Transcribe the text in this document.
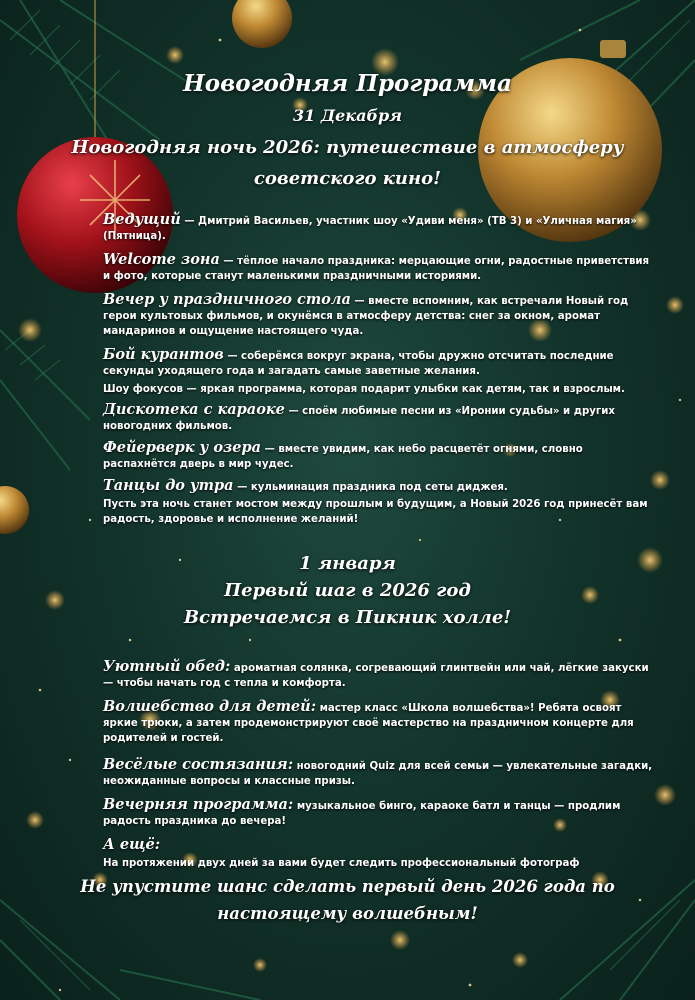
Новогодняя Программа
31 Декабря
Новогодняя ночь 2026: путешествие в атмосферу
советского кино!

Ведущий — Дмитрий Васильев, участник шоу «Удиви меня» (ТВ 3) и «Уличная магия» (Пятница).

Welcome зона — тёплое начало праздника: мерцающие огни, радостные приветствия и фото, которые станут маленькими праздничными историями.

Вечер у праздничного стола — вместе вспомним, как встречали Новый год герои культовых фильмов, и окунёмся в атмосферу детства: снег за окном, аромат мандаринов и ощущение настоящего чуда.

Бой курантов — соберёмся вокруг экрана, чтобы дружно отсчитать последние секунды уходящего года и загадать самые заветные желания.

Шоу фокусов — яркая программа, которая подарит улыбки как детям, так и взрослым.

Дискотека с караоке — споём любимые песни из «Иронии судьбы» и других новогодних фильмов.

Фейерверк у озера — вместе увидим, как небо расцветёт огнями, словно распахнётся дверь в мир чудес.

Танцы до утра — кульминация праздника под сеты диджея.

Пусть эта ночь станет мостом между прошлым и будущим, а Новый 2026 год принесёт вам радость, здоровье и исполнение желаний!

1 января
Первый шаг в 2026 год
Встречаемся в Пикник холле!

Уютный обед: ароматная солянка, согревающий глинтвейн или чай, лёгкие закуски — чтобы начать год с тепла и комфорта.

Волшебство для детей: мастер класс «Школа волшебства»! Ребята освоят яркие трюки, а затем продемонстрируют своё мастерство на праздничном концерте для родителей и гостей.

Весёлые состязания: новогодний Quiz для всей семьи — увлекательные загадки, неожиданные вопросы и классные призы.

Вечерняя программа: музыкальное бинго, караоке батл и танцы — продлим радость праздника до вечера!

А ещё:

На протяжении двух дней за вами будет следить профессиональный фотограф

Не упустите шанс сделать первый день 2026 года по
настоящему волшебным!
